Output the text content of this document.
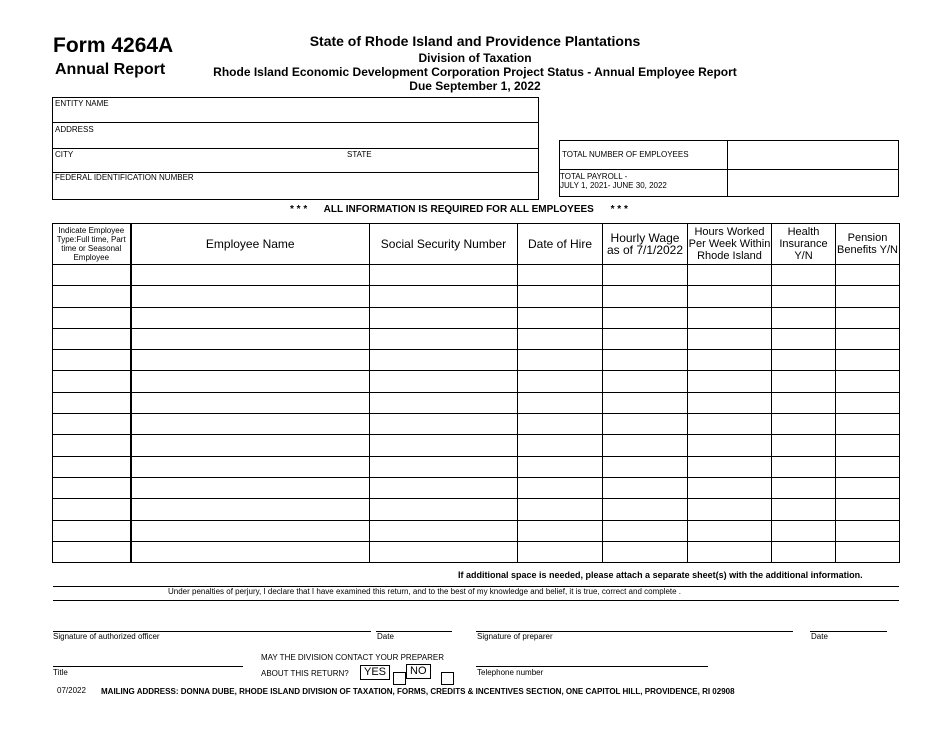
Form 4264A
Annual Report
State of Rhode Island and Providence Plantations
Division of Taxation
Rhode Island Economic Development Corporation Project Status - Annual Employee Report
Due September 1, 2022
ENTITY NAME
ADDRESS
CITY	STATE
FEDERAL IDENTIFICATION NUMBER
TOTAL NUMBER OF EMPLOYEES
TOTAL PAYROLL -
JULY 1, 2021- JUNE 30, 2022
* * * ALL INFORMATION IS REQUIRED FOR ALL EMPLOYEES * * *
Indicate Employee Type:Full time, Part time or Seasonal Employee	Employee Name	Social Security Number	Date of Hire	Hourly Wage as of 7/1/2022	Hours Worked Per Week Within Rhode Island	Health Insurance Y/N	Pension Benefits Y/N

If additional space is needed, please attach a separate sheet(s) with the additional information.
Under penalties of perjury, I declare that I have examined this return, and to the best of my knowledge and belief, it is true, correct and complete .
Signature of authorized officer	Date	Signature of preparer	Date
Title
MAY THE DIVISION CONTACT YOUR PREPARER
ABOUT THIS RETURN?	YES	NO	Telephone number
07/2022 MAILING ADDRESS: DONNA DUBE, RHODE ISLAND DIVISION OF TAXATION, FORMS, CREDITS & INCENTIVES SECTION, ONE CAPITOL HILL, PROVIDENCE, RI 02908
